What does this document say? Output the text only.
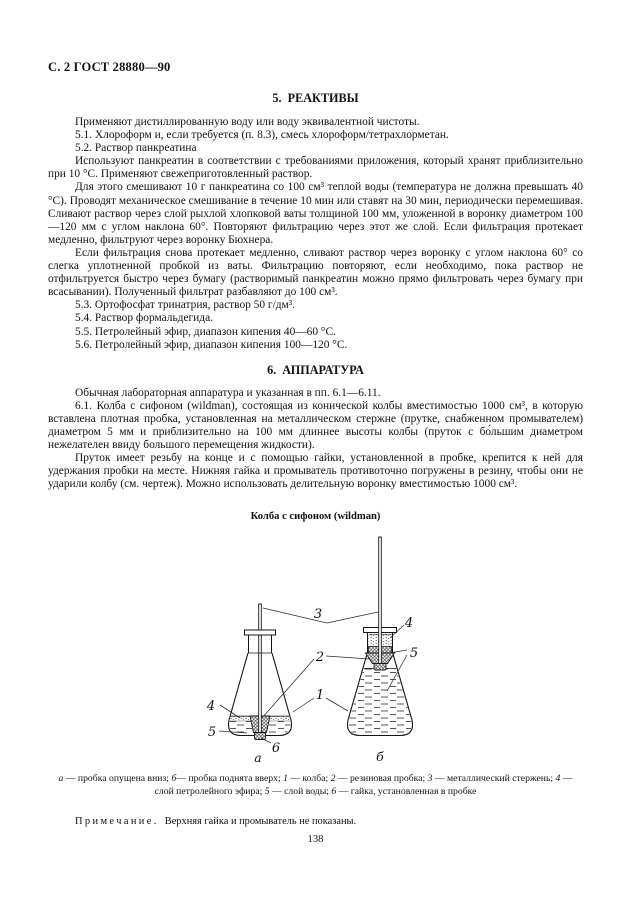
С. 2 ГОСТ 28880—90
5.  РЕАКТИВЫ

Применяют дистиллированную воду или воду эквивалентной чистоты.

5.1. Хлороформ и, если требуется (п. 8.3), смесь хлороформ/тетрахлорметан.

5.2. Раствор панкреатина

Используют панкреатин в соответствии с требованиями приложения, который хранят приблизительно при 10 °С. Применяют свежеприготовленный раствор.

Для этого смешивают 10 г панкреатина со 100 см³ теплой воды (температура не должна превышать 40 °С). Проводят механическое смешивание в течение 10 мин или ставят на 30 мин, периодически перемешивая. Сливают раствор через слой рыхлой хлопковой ваты толщиной 100 мм, уложенной в воронку диаметром 100—120 мм с углом наклона 60°. Повторяют фильтрацию через этот же слой. Если фильтрация протекает медленно, фильтруют через воронку Бюхнера.

Если фильтрация снова протекает медленно, сливают раствор через воронку с углом наклона 60° со слегка уплотненной пробкой из ваты. Фильтрацию повторяют, если необходимо, пока раствор не отфильтруется быстро через бумагу (растворимый панкреатин можно прямо фильтровать через бумагу при всасывании). Полученный фильтрат разбавляют до 100 см³.

5.3. Ортофосфат тринатрия, раствор 50 г/дм³.

5.4. Раствор формальдегида.

5.5. Петролейный эфир, диапазон кипения 40—60 °С.

5.6. Петролейный эфир, диапазон кипения 100—120 °С.

6.  АППАРАТУРА

Обычная лабораторная аппаратура и указанная в пп. 6.1—6.11.

6.1. Колба с сифоном (wildman), состоящая из конической колбы вместимостью 1000 см³, в которую вставлена плотная пробка, установленная на металлическом стержне (прутке, снабженном промывателем) диаметром 5 мм и приблизительно на 100 мм длиннее высоты колбы (пруток с бо́льшим диаметром нежелателен ввиду большого перемещения жидкости).

Пруток имеет резьбу на конце и с помощью гайки, установленной в пробке, крепится к ней для удержания пробки на месте. Нижняя гайка и промыватель противоточно погружены в резину, чтобы они не ударили колбу (см. чертеж). Можно использовать делительную воронку вместимостью 1000 см³.

Колба с сифоном (wildman)
3
4
5
2
1
4
5
6
а	б
а — пробка опущена вниз; б— пробка поднята вверх; 1 — колба; 2 — резиновая пробка; 3 — металлический стержень; 4 — слой петролейного эфира; 5 — слой воды; 6 — гайка, установленная в пробке
Примечание. Верхняя гайка и промыватель не показаны.
138
